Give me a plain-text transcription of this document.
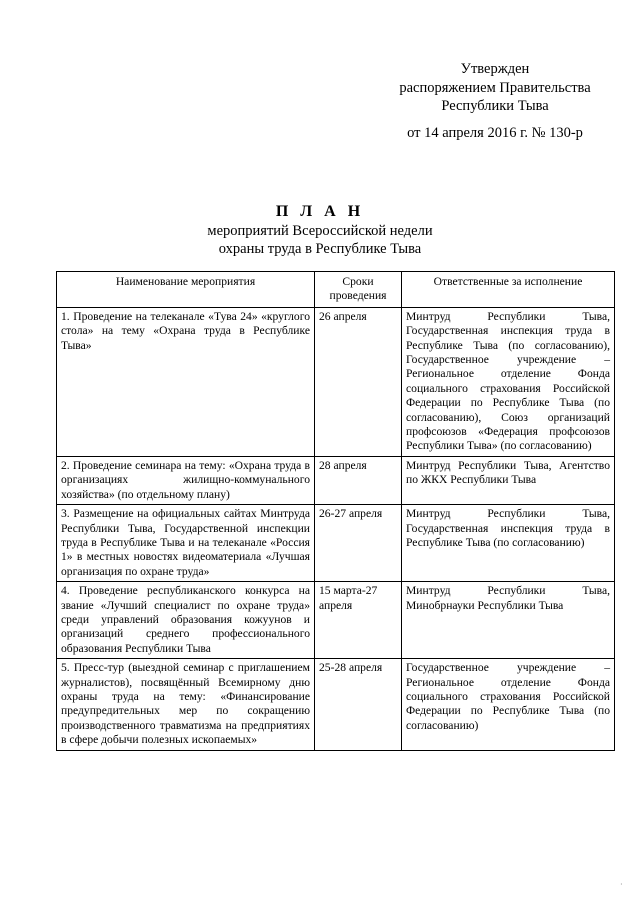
Утвержден
распоряжением Правительства
Республики Тыва
от 14 апреля 2016 г. № 130-р
П Л А Н
мероприятий Всероссийской недели
охраны труда в Республике Тыва
Наименование мероприятия	Сроки проведения	Ответственные за исполнение
1. Проведение на телеканале «Тува 24» «круглого стола» на тему «Охрана труда в Республике Тыва»	26 апреля	Минтруд Республики Тыва, Государственная инспекция труда в Республике Тыва (по согласованию), Государственное учреждение – Региональное отделение Фонда социального страхования Российской Федерации по Республике Тыва (по согласованию), Союз организаций профсоюзов «Федерация профсоюзов Республики Тыва» (по согласованию)
2. Проведение семинара на тему: «Охрана труда в организациях жилищно-коммунального хозяйства» (по отдельному плану)	28 апреля	Минтруд Республики Тыва, Агентство по ЖКХ Республики Тыва
3. Размещение на официальных сайтах Минтруда Республики Тыва, Государственной инспекции труда в Республике Тыва и на телеканале «Россия 1» в местных новостях видеоматериала «Лучшая организация по охране труда»	26-27 апреля	Минтруд Республики Тыва, Государственная инспекция труда в Республике Тыва (по согласованию)
4. Проведение республиканского конкурса на звание «Лучший специалист по охране труда» среди управлений образования кожуунов и организаций среднего профессионального образования Республики Тыва	15 марта-27 апреля	Минтруд Республики Тыва, Минобрнауки Республики Тыва
5. Пресс-тур (выездной семинар с приглашением журналистов), посвящённый Всемирному дню охраны труда на тему: «Финансирование предупредительных мер по сокращению производственного травматизма на предприятиях в сфере добычи полезных ископаемых»	25-28 апреля	Государственное учреждение – Региональное отделение Фонда социального страхования Российской Федерации по Республике Тыва (по согласованию)
·
